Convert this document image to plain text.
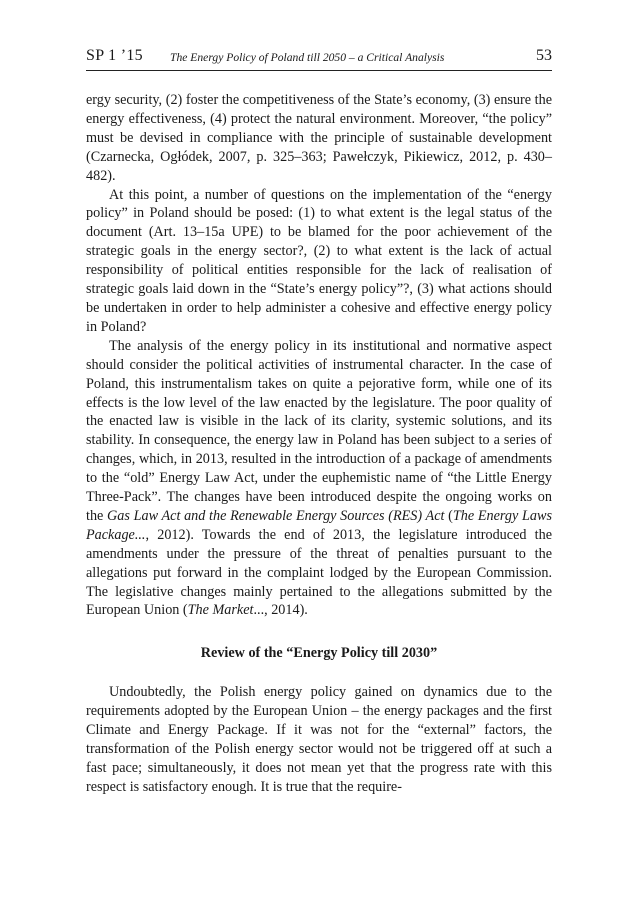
SP 1 ’15 The Energy Policy of Poland till 2050 – a Critical Analysis	53

ergy security, (2) foster the competitiveness of the State’s economy, (3) ensure the energy effectiveness, (4) protect the natural environment. Moreover, “the policy” must be devised in compliance with the principle of sustainable development (Czarnecka, Ogłódek, 2007, p. 325–363; Pawełczyk, Pikiewicz, 2012, p. 430–482).

At this point, a number of questions on the implementation of the “energy policy” in Poland should be posed: (1) to what extent is the legal status of the document (Art. 13–15a UPE) to be blamed for the poor achievement of the strategic goals in the energy sector?, (2) to what extent is the lack of actual responsibility of political entities responsible for the lack of realisation of strategic goals laid down in the “State’s energy policy”?, (3) what actions should be undertaken in order to help administer a cohesive and effective energy policy in Poland?

The analysis of the energy policy in its institutional and normative aspect should consider the political activities of instrumental character. In the case of Poland, this instrumentalism takes on quite a pejorative form, while one of its effects is the low level of the law enacted by the legislature. The poor quality of the enacted law is visible in the lack of its clarity, systemic solutions, and its stability. In consequence, the energy law in Poland has been subject to a series of changes, which, in 2013, resulted in the introduction of a package of amendments to the “old” Energy Law Act, under the euphemistic name of “the Little Energy Three-Pack”. The changes have been introduced despite the ongoing works on the Gas Law Act and the Renewable Energy Sources (RES) Act (The Energy Laws Package..., 2012). Towards the end of 2013, the legislature introduced the amendments under the pressure of the threat of penalties pursuant to the allegations put forward in the complaint lodged by the European Commission. The legislative changes mainly pertained to the allegations submitted by the European Union (The Market..., 2014).

Review of the “Energy Policy till 2030”

Undoubtedly, the Polish energy policy gained on dynamics due to the requirements adopted by the European Union – the energy packages and the first Climate and Energy Package. If it was not for the “external” factors, the transformation of the Polish energy sector would not be triggered off at such a fast pace; simultaneously, it does not mean yet that the progress rate with this respect is satisfactory enough. It is true that the require-
